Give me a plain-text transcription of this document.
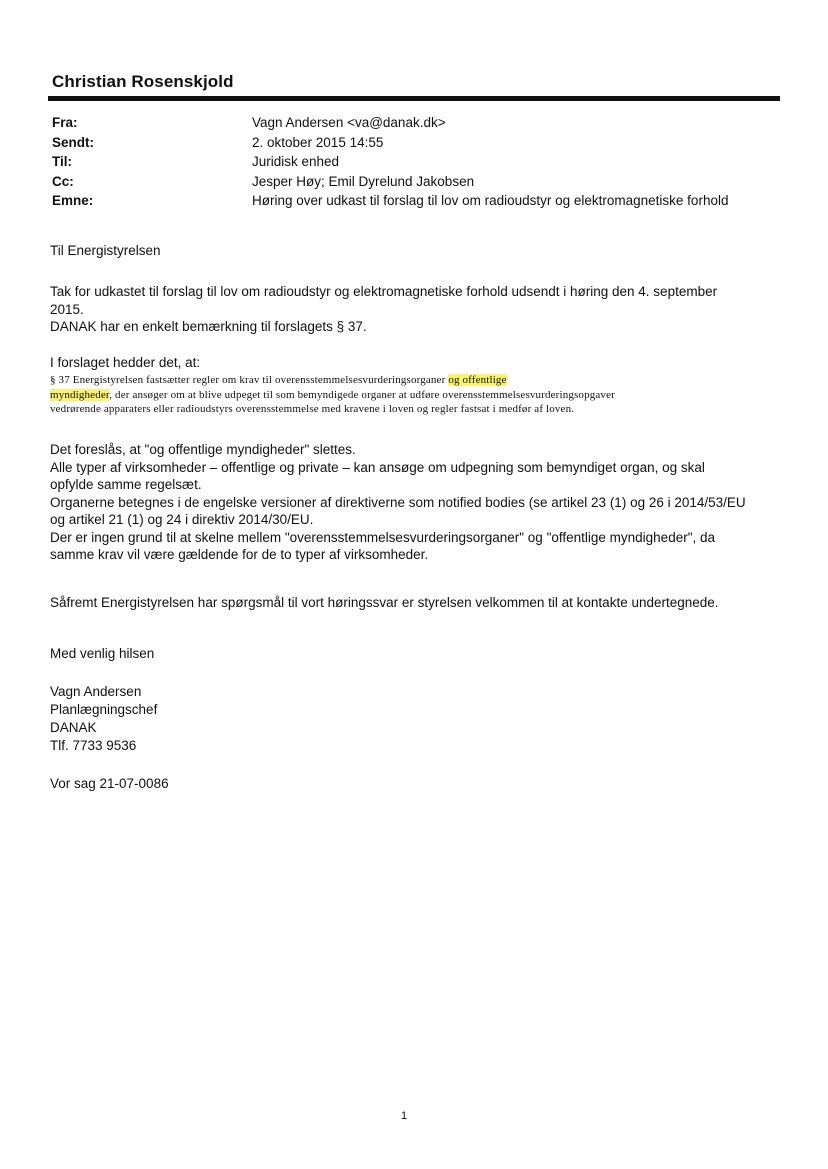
Christian Rosenskjold
Fra:	Vagn Andersen <va@danak.dk>
Sendt:	2. oktober 2015 14:55
Til:	Juridisk enhed
Cc:	Jesper Høy; Emil Dyrelund Jakobsen
Emne:	Høring over udkast til forslag til lov om radioudstyr og elektromagnetiske forhold

Til Energistyrelsen

Tak for udkastet til forslag til lov om radioudstyr og elektromagnetiske forhold udsendt i høring den 4. september

2015.

DANAK har en enkelt bemærkning til forslagets § 37.

I forslaget hedder det, at:

§ 37 Energistyrelsen fastsætter regler om krav til overensstemmelsesvurderingsorganer og offentlige

myndigheder, der ansøger om at blive udpeget til som bemyndigede organer at udføre overensstemmelsesvurderingsopgaver

vedrørende apparaters eller radioudstyrs overensstemmelse med kravene i loven og regler fastsat i medfør af loven.

Det foreslås, at "og offentlige myndigheder" slettes.

Alle typer af virksomheder – offentlige og private – kan ansøge om udpegning som bemyndiget organ, og skal

opfylde samme regelsæt.

Organerne betegnes i de engelske versioner af direktiverne som notified bodies (se artikel 23 (1) og 26 i 2014/53/EU

og artikel 21 (1) og 24 i direktiv 2014/30/EU.

Der er ingen grund til at skelne mellem "overensstemmelsesvurderingsorganer" og "offentlige myndigheder", da

samme krav vil være gældende for de to typer af virksomheder.

Såfremt Energistyrelsen har spørgsmål til vort høringssvar er styrelsen velkommen til at kontakte undertegnede.

Med venlig hilsen

Vagn Andersen

Planlægningschef

DANAK

Tlf. 7733 9536

Vor sag 21-07-0086

1
